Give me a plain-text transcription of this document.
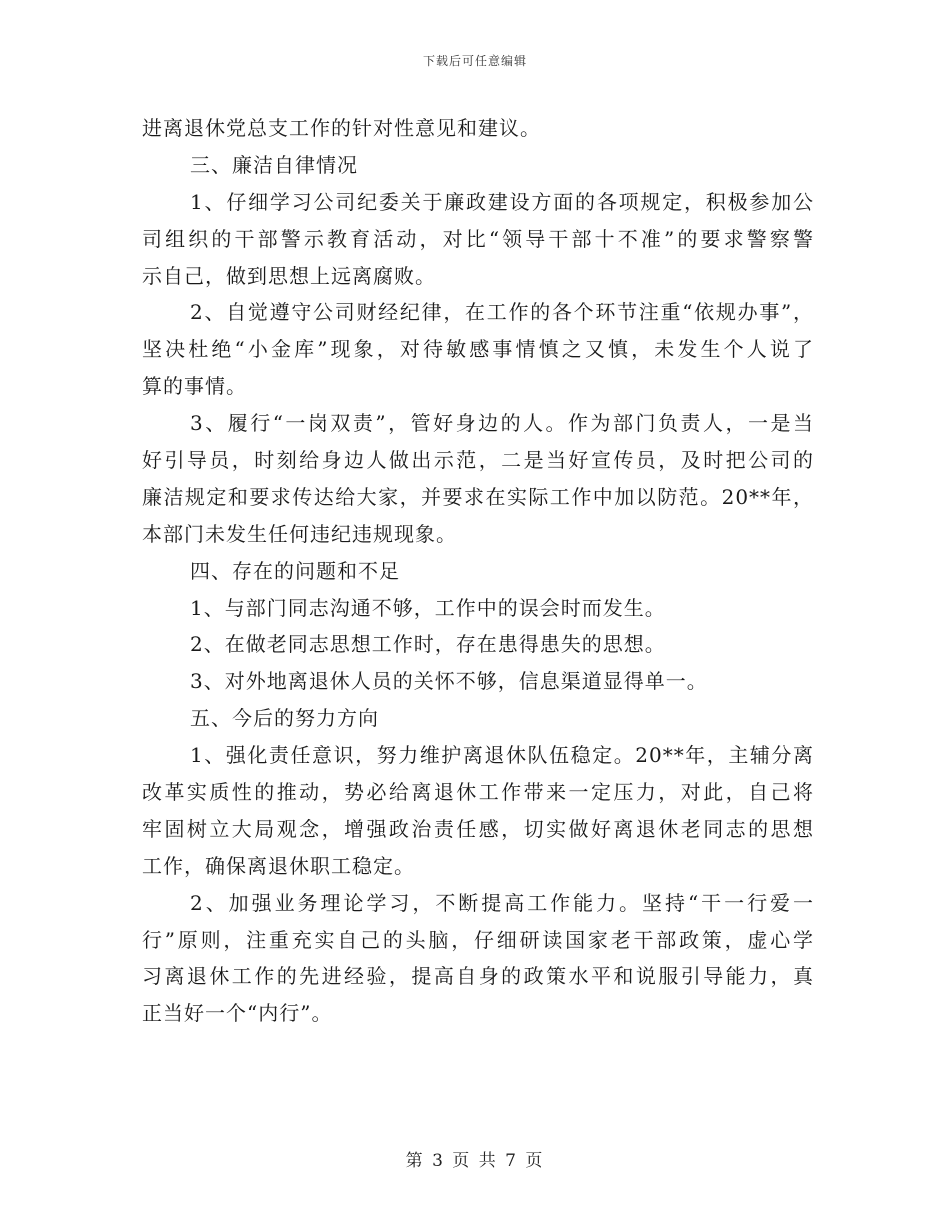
下载后可任意编辑
进离退休党总支工作的针对性意见和建议。
三、廉洁自律情况
1、仔细学习公司纪委关于廉政建设方面的各项规定，积极参加公
司组织的干部警示教育活动，对比“领导干部十不准”的要求警察警
示自己，做到思想上远离腐败。
2、自觉遵守公司财经纪律，在工作的各个环节注重“依规办事”，
坚决杜绝“小金库”现象，对待敏感事情慎之又慎，未发生个人说了
算的事情。
3、履行“一岗双责”，管好身边的人。作为部门负责人，一是当
好引导员，时刻给身边人做出示范，二是当好宣传员，及时把公司的
廉洁规定和要求传达给大家，并要求在实际工作中加以防范。20**年，
本部门未发生任何违纪违规现象。
四、存在的问题和不足
1、与部门同志沟通不够，工作中的误会时而发生。
2、在做老同志思想工作时，存在患得患失的思想。
3、对外地离退休人员的关怀不够，信息渠道显得单一。
五、今后的努力方向
1、强化责任意识，努力维护离退休队伍稳定。20**年，主辅分离
改革实质性的推动，势必给离退休工作带来一定压力，对此，自己将
牢固树立大局观念，增强政治责任感，切实做好离退休老同志的思想
工作，确保离退休职工稳定。
2、加强业务理论学习，不断提高工作能力。坚持“干一行爱一
行”原则，注重充实自己的头脑，仔细研读国家老干部政策，虚心学
习离退休工作的先进经验，提高自身的政策水平和说服引导能力，真
正当好一个“内行”。
第 3 页 共 7 页
